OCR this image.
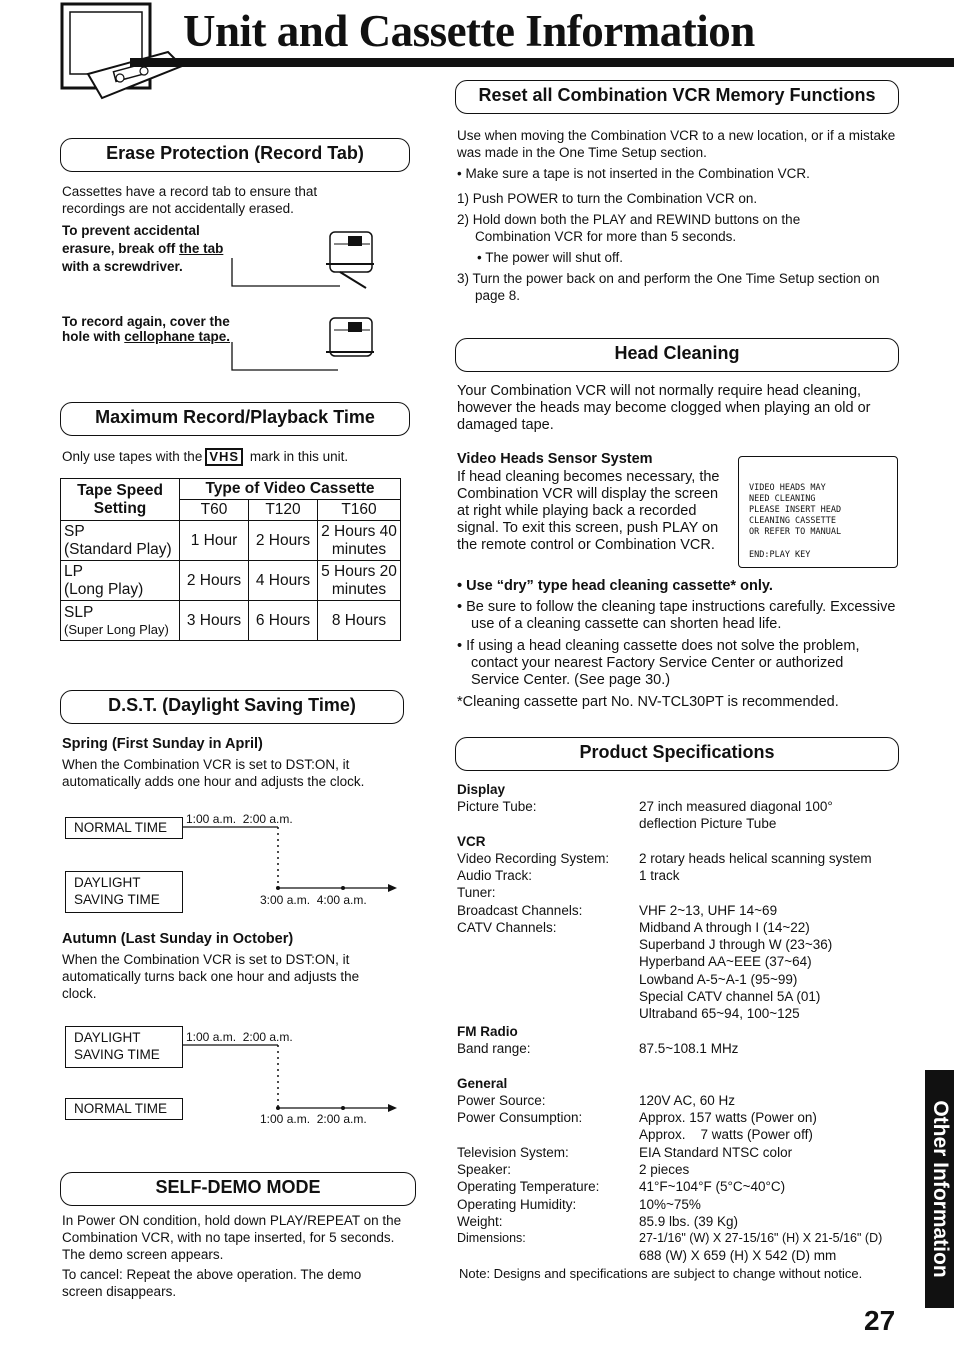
Unit and Cassette Information
Erase Protection (Record Tab)
Cassettes have a record tab to ensure that recordings are not accidentally erased.
To prevent accidental
erasure, break off the tab
with a screwdriver.
To record again, cover the
hole with cellophane tape.
Maximum Record/Playback Time
Only use tapes with the VHS mark in this unit.
Tape Speed Setting	Type of Video Cassette		
	T60	T120	T160

SP
(Standard Play)	1 Hour	2 Hours	2 Hours 40 minutes

LP
(Long Play)	2 Hours	4 Hours	5 Hours 20 minutes

SLP
(Super Long Play)	3 Hours	6 Hours	8 Hours
D.S.T. (Daylight Saving Time)
Spring (First Sunday in April)
When the Combination VCR is set to DST:ON, it automatically adds one hour and adjusts the clock.
NORMAL TIME
DAYLIGHT
SAVING TIME
1:00 a.m.  2:00 a.m.
3:00 a.m.  4:00 a.m.
Autumn (Last Sunday in October)
When the Combination VCR is set to DST:ON, it automatically turns back one hour and adjusts the clock.
DAYLIGHT
SAVING TIME
NORMAL TIME
1:00 a.m.  2:00 a.m.
1:00 a.m.  2:00 a.m.
SELF-DEMO MODE
In Power ON condition, hold down PLAY/REPEAT on the Combination VCR, with no tape inserted, for 5 seconds. The demo screen appears.
To cancel: Repeat the above operation. The demo screen disappears.
Reset all Combination VCR Memory Functions
Use when moving the Combination VCR to a new location, or if a mistake was made in the One Time Setup section.
• Make sure a tape is not inserted in the Combination VCR.
1) Push POWER to turn the Combination VCR on.
2) Hold down both the PLAY and REWIND buttons on the Combination VCR for more than 5 seconds.
• The power will shut off.
3) Turn the power back on and perform the One Time Setup section on page 8.
Head Cleaning
Your Combination VCR will not normally require head cleaning, however the heads may become clogged when playing an old or damaged tape.
Video Heads Sensor System
If head cleaning becomes necessary, the Combination VCR will display the screen at right while playing back a recorded signal. To exit this screen, push PLAY on the remote control or Combination VCR.
VIDEO HEADS MAY
NEED CLEANING
PLEASE INSERT HEAD
CLEANING CASSETTE
OR REFER TO MANUAL
END:PLAY KEY
• Use “dry” type head cleaning cassette* only.
• Be sure to follow the cleaning tape instructions carefully. Excessive use of a cleaning cassette can shorten head life.
• If using a head cleaning cassette does not solve the problem, contact your nearest Factory Service Center or authorized Service Center. (See page 30.)
*Cleaning cassette part No. NV-TCL30PT is recommended.
Product Specifications
Display
Picture Tube:	27 inch measured diagonal 100° deflection Picture Tube
VCR
Video Recording System: 2 rotary heads helical scanning system
Audio Track:	1 track
Tuner:
Broadcast Channels:	VHF 2~13, UHF 14~69
CATV Channels:	Midband A through I (14~22)
Superband J through W (23~36)
Hyperband AA~EEE (37~64)
Lowband A-5~A-1 (95~99)
Special CATV channel 5A (01)
Ultraband 65~94, 100~125
FM Radio
Band range:	87.5~108.1 MHz
General
Power Source:	120V AC, 60 Hz
Power Consumption:	Approx. 157 watts (Power on)
Approx.    7 watts (Power off)
Television System:	EIA Standard NTSC color
Speaker:	2 pieces
Operating Temperature:	41°F~104°F (5°C~40°C)
Operating Humidity:	10%~75%
Weight:	85.9 lbs. (39 Kg)
Dimensions:	27-1/16" (W) X 27-15/16" (H) X 21-5/16" (D)
688 (W) X 659 (H) X 542 (D) mm
Note: Designs and specifications are subject to change without notice.	Other Information
27
